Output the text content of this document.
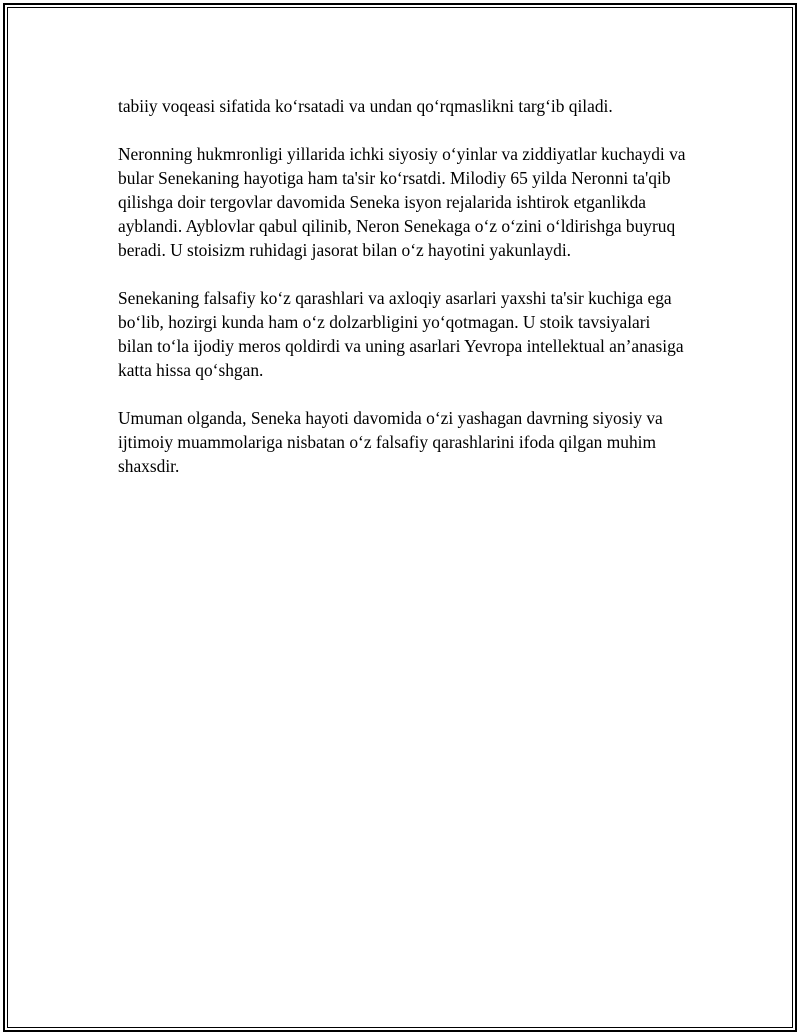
tabiiy voqeasi sifatida ko‘rsatadi va undan qo‘rqmaslikni targ‘ib qiladi.

Neronning hukmronligi yillarida ichki siyosiy o‘yinlar va ziddiyatlar kuchaydi va bular Senekaning hayotiga ham ta'sir ko‘rsatdi. Milodiy 65 yilda Neronni ta'qib qilishga doir tergovlar davomida Seneka isyon rejalarida ishtirok etganlikda ayblandi. Ayblovlar qabul qilinib, Neron Senekaga o‘z o‘zini o‘ldirishga buyruq beradi. U stoisizm ruhidagi jasorat bilan o‘z hayotini yakunlaydi.

Senekaning falsafiy ko‘z qarashlari va axloqiy asarlari yaxshi ta'sir kuchiga ega bo‘lib, hozirgi kunda ham o‘z dolzarbligini yo‘qotmagan. U stoik tavsiyalari bilan to‘la ijodiy meros qoldirdi va uning asarlari Yevropa intellektual an’anasiga katta hissa qo‘shgan.

Umuman olganda, Seneka hayoti davomida o‘zi yashagan davrning siyosiy va ijtimoiy muammolariga nisbatan o‘z falsafiy qarashlarini ifoda qilgan muhim shaxsdir.
